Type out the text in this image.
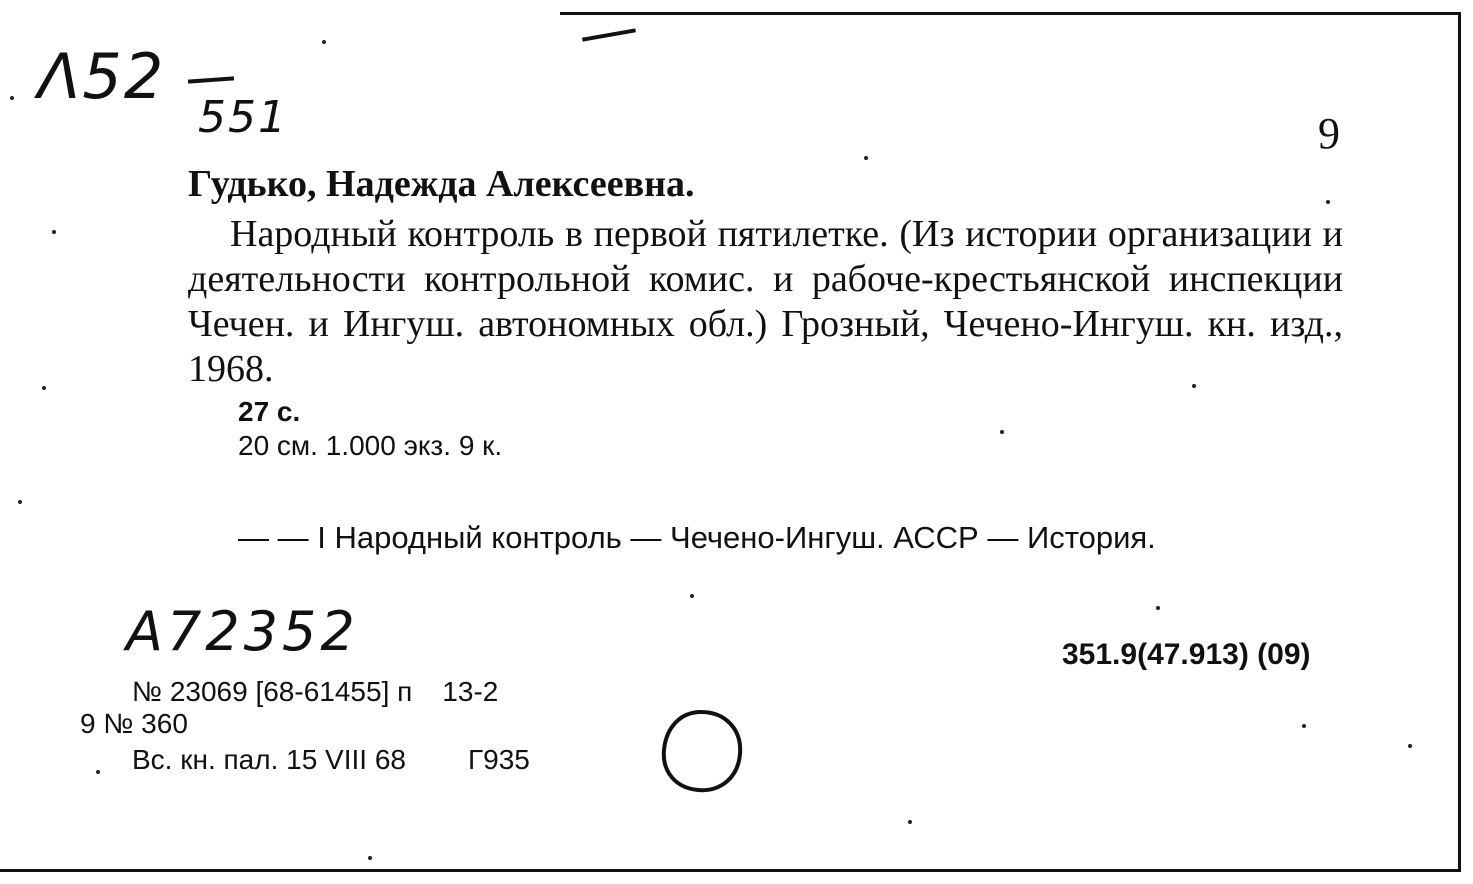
Λ52
551	9
Гудько, Надежда Алексеевна.
Народный контроль в первой пятилетке. (Из истории организации и деятельности контрольной комис. и рабоче-крестьянской инспекции Чечен. и Ингуш. автономных обл.) Грозный, Чечено-Ингуш. кн. изд., 1968.
27 с.
20 см. 1.000 экз. 9 к.
— — I Народный контроль — Чечено-Ингуш. АССР — История.
A72352	351.9(47.913) (09)
№ 23069 [68-61455] п 13-2
9 № 360
Вс. кн. пал. 15 VIII 68 Г935
